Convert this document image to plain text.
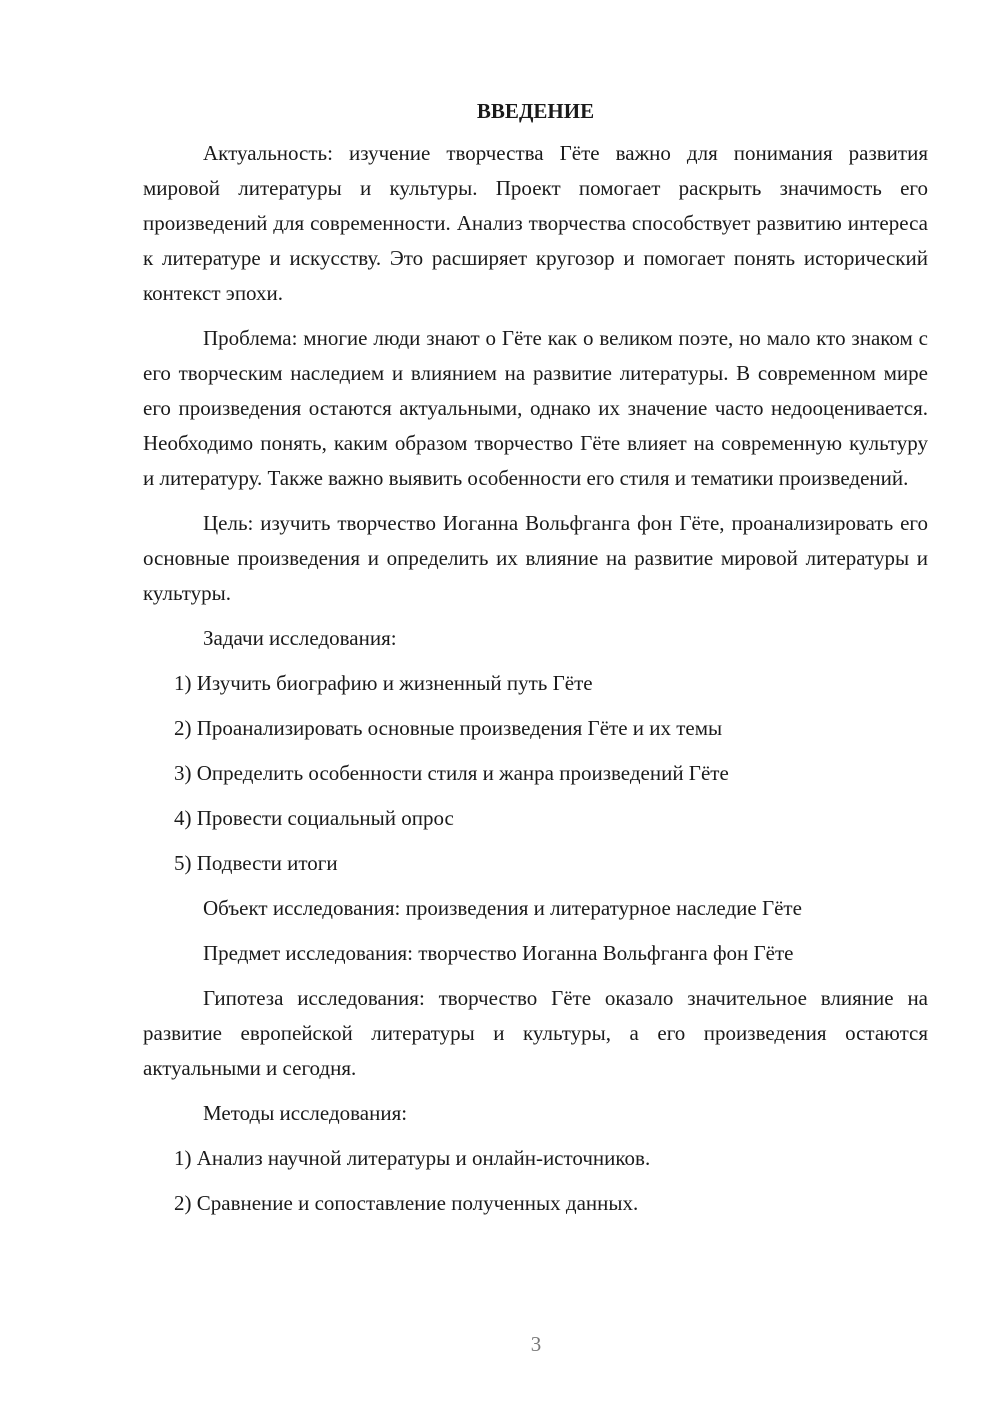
ВВЕДЕНИЕ

Актуальность: изучение творчества Гёте важно для понимания развития мировой литературы и культуры. Проект помогает раскрыть значимость его произведений для современности. Анализ творчества способствует развитию интереса к литературе и искусству. Это расширяет кругозор и помогает понять исторический контекст эпохи.

Проблема: многие люди знают о Гёте как о великом поэте, но мало кто знаком с его творческим наследием и влиянием на развитие литературы. В современном мире его произведения остаются актуальными, однако их значение часто недооценивается. Необходимо понять, каким образом творчество Гёте влияет на современную культуру и литературу. Также важно выявить особенности его стиля и тематики произведений.

Цель: изучить творчество Иоганна Вольфганга фон Гёте, проанализировать его основные произведения и определить их влияние на развитие мировой литературы и культуры.

Задачи исследования:

1) Изучить биографию и жизненный путь Гёте
2) Проанализировать основные произведения Гёте и их темы
3) Определить особенности стиля и жанра произведений Гёте
4) Провести социальный опрос
5) Подвести итоги

Объект исследования: произведения и литературное наследие Гёте

Предмет исследования: творчество Иоганна Вольфганга фон Гёте

Гипотеза исследования: творчество Гёте оказало значительное влияние на развитие европейской литературы и культуры, а его произведения остаются актуальными и сегодня.

Методы исследования:

1) Анализ научной литературы и онлайн-источников.
2) Сравнение и сопоставление полученных данных.
3
